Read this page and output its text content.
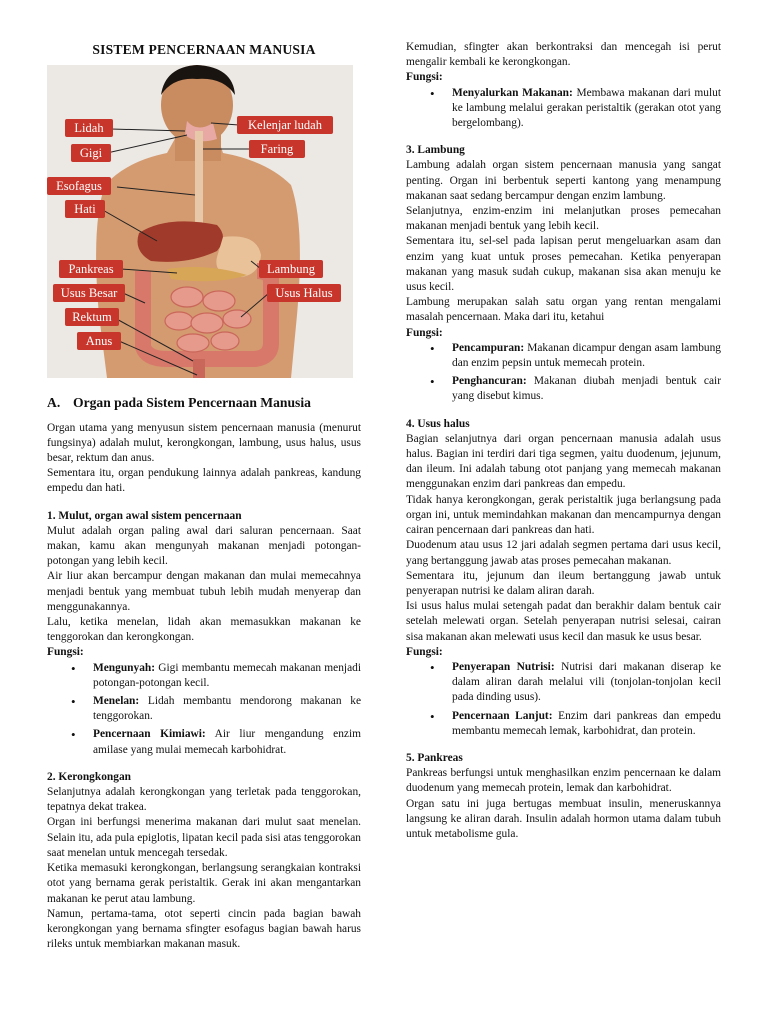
SISTEM PENCERNAAN MANUSIA
Lidah
Gigi
Esofagus
Hati
Pankreas
Usus Besar
Rektum
Anus
Kelenjar ludah
Faring
Lambung
Usus Halus
A. Organ pada Sistem Pencernaan Manusia

Organ utama yang menyusun sistem pencernaan manusia (menurut fungsinya) adalah mulut, kerongkongan, lambung, usus halus, usus besar, rektum dan anus.

Sementara itu, organ pendukung lainnya adalah pankreas, kandung empedu dan hati.

1. Mulut, organ awal sistem pencernaan

Mulut adalah organ paling awal dari saluran pencernaan. Saat makan, kamu akan mengunyah makanan menjadi potongan-potongan yang lebih kecil.

Air liur akan bercampur dengan makanan dan mulai memecahnya menjadi bentuk yang membuat tubuh lebih mudah menyerap dan menggunakannya.

Lalu, ketika menelan, lidah akan memasukkan makanan ke tenggorokan dan kerongkongan.

Fungsi:

• Mengunyah: Gigi membantu memecah makanan menjadi potongan-potongan kecil.
• Menelan: Lidah membantu mendorong makanan ke tenggorokan.
• Pencernaan Kimiawi: Air liur mengandung enzim amilase yang mulai memecah karbohidrat.

2. Kerongkongan

Selanjutnya adalah kerongkongan yang terletak pada tenggorokan, tepatnya dekat trakea.

Organ ini berfungsi menerima makanan dari mulut saat menelan. Selain itu, ada pula epiglotis, lipatan kecil pada sisi atas tenggorokan saat menelan untuk mencegah tersedak.

Ketika memasuki kerongkongan, berlangsung serangkaian kontraksi otot yang bernama gerak peristaltik. Gerak ini akan mengantarkan makanan ke perut atau lambung.

Namun, pertama-tama, otot seperti cincin pada bagian bawah kerongkongan yang bernama sfingter esofagus bagian bawah harus rileks untuk membiarkan makanan masuk.

Kemudian, sfingter akan berkontraksi dan mencegah isi perut mengalir kembali ke kerongkongan.

Fungsi:

• Menyalurkan Makanan: Membawa makanan dari mulut ke lambung melalui gerakan peristaltik (gerakan otot yang bergelombang).

3. Lambung

Lambung adalah organ sistem pencernaan manusia yang sangat penting. Organ ini berbentuk seperti kantong yang menampung makanan saat sedang bercampur dengan enzim lambung.

Selanjutnya, enzim-enzim ini melanjutkan proses pemecahan makanan menjadi bentuk yang lebih kecil.

Sementara itu, sel-sel pada lapisan perut mengeluarkan asam dan enzim yang kuat untuk proses pemecahan. Ketika penyerapan makanan yang masuk sudah cukup, makanan sisa akan menuju ke usus kecil.

Lambung merupakan salah satu organ yang rentan mengalami masalah pencernaan. Maka dari itu, ketahui

Fungsi:

• Pencampuran: Makanan dicampur dengan asam lambung dan enzim pepsin untuk memecah protein.
• Penghancuran: Makanan diubah menjadi bentuk cair yang disebut kimus.

4. Usus halus

Bagian selanjutnya dari organ pencernaan manusia adalah usus halus. Bagian ini terdiri dari tiga segmen, yaitu duodenum, jejunum, dan ileum. Ini adalah tabung otot panjang yang memecah makanan menggunakan enzim dari pankreas dan empedu.

Tidak hanya kerongkongan, gerak peristaltik juga berlangsung pada organ ini, untuk memindahkan makanan dan mencampurnya dengan cairan pencernaan dari pankreas dan hati.

Duodenum atau usus 12 jari adalah segmen pertama dari usus kecil, yang bertanggung jawab atas proses pemecahan makanan.

Sementara itu, jejunum dan ileum bertanggung jawab untuk penyerapan nutrisi ke dalam aliran darah.

Isi usus halus mulai setengah padat dan berakhir dalam bentuk cair setelah melewati organ. Setelah penyerapan nutrisi selesai, cairan sisa makanan akan melewati usus kecil dan masuk ke usus besar.

Fungsi:

• Penyerapan Nutrisi: Nutrisi dari makanan diserap ke dalam aliran darah melalui vili (tonjolan-tonjolan kecil pada dinding usus).
• Pencernaan Lanjut: Enzim dari pankreas dan empedu membantu memecah lemak, karbohidrat, dan protein.

5. Pankreas

Pankreas berfungsi untuk menghasilkan enzim pencernaan ke dalam duodenum yang memecah protein, lemak dan karbohidrat.

Organ satu ini juga bertugas membuat insulin, meneruskannya langsung ke aliran darah. Insulin adalah hormon utama dalam tubuh untuk metabolisme gula.
